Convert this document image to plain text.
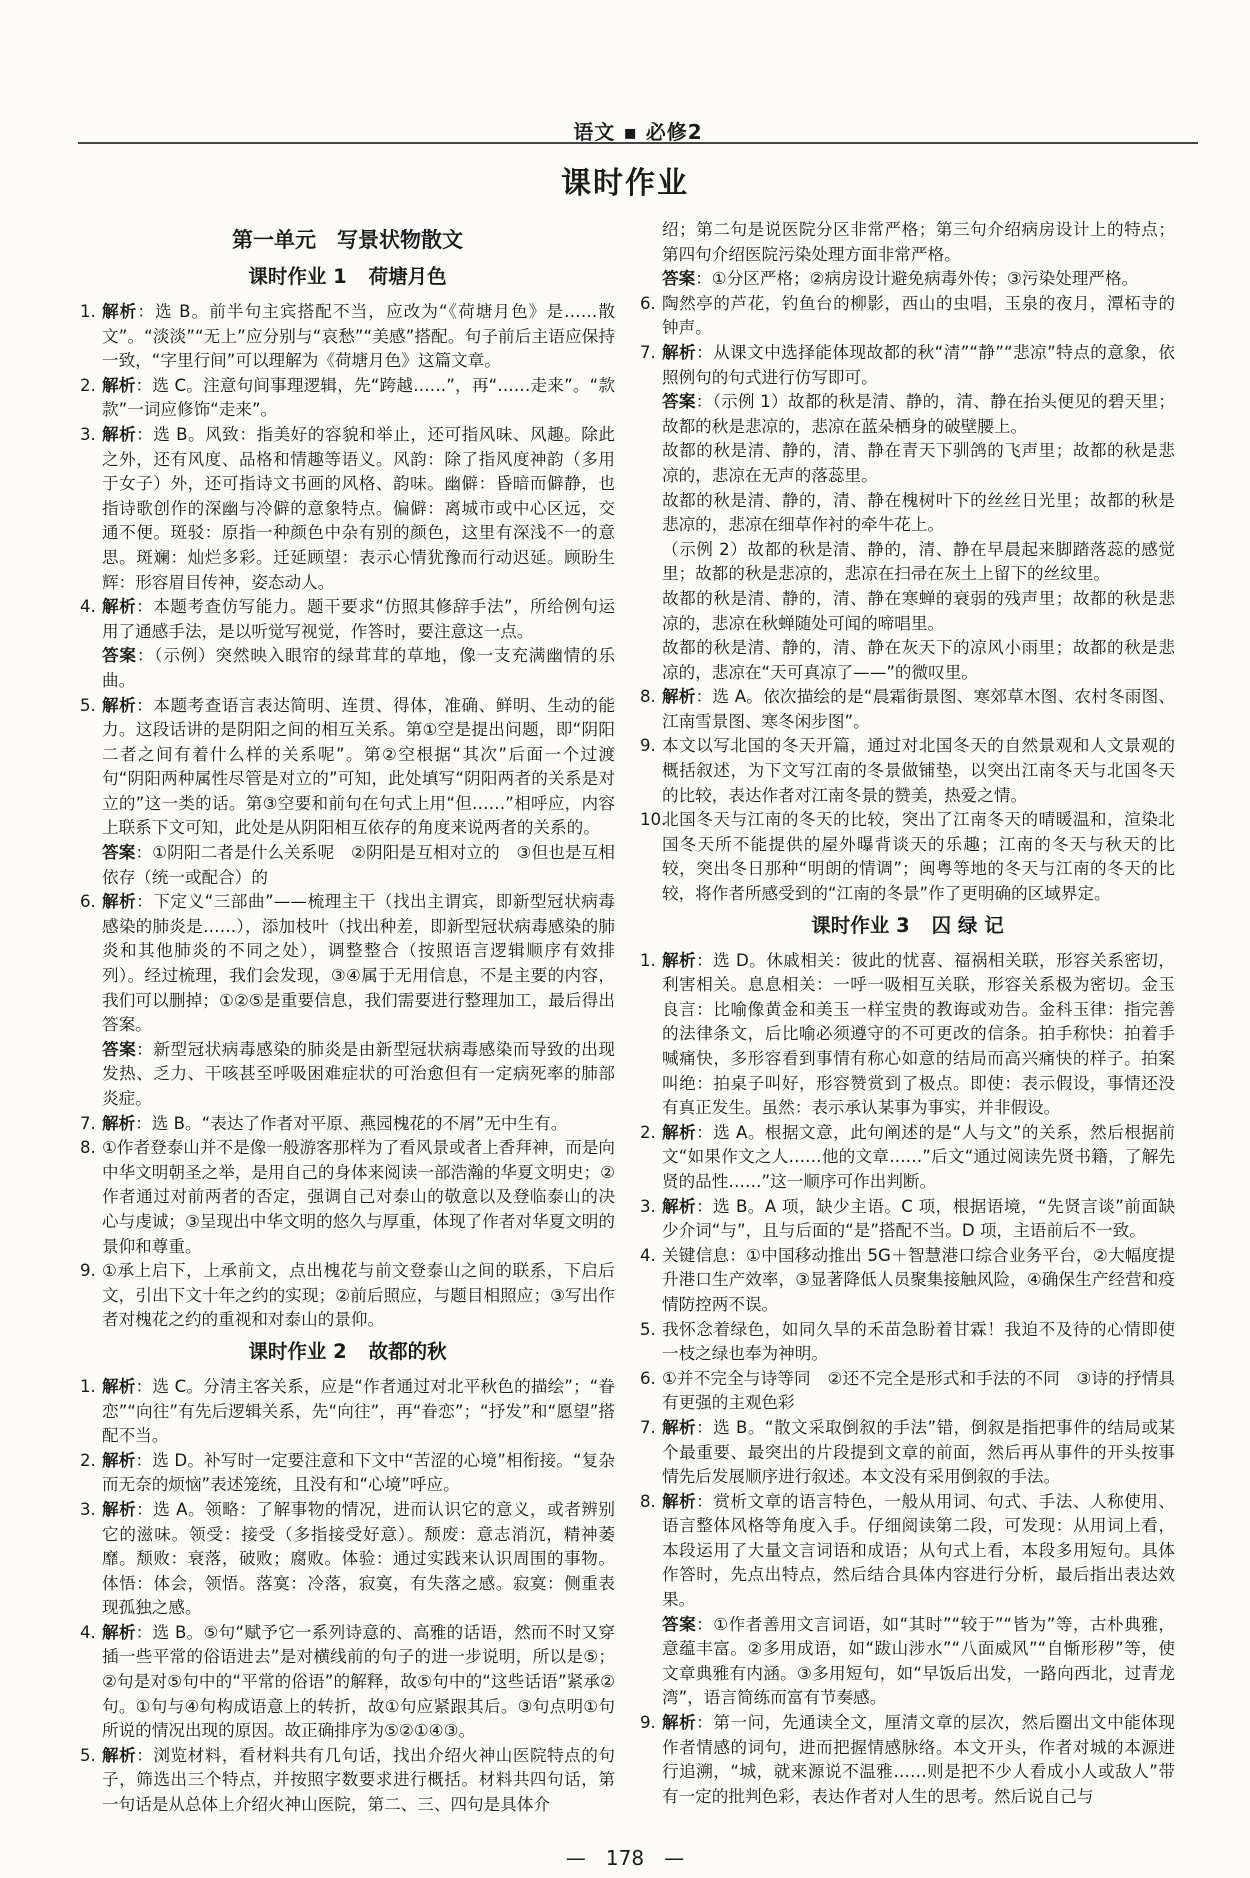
语文 ▪ 必修2
课时作业
第一单元　写景状物散文
课时作业 1 荷塘月色

1. 解析：选 B。前半句主宾搭配不当，应改为“《荷塘月色》是……散文”。“淡淡”“无上”应分别与“哀愁”“美感”搭配。句子前后主语应保持一致，“字里行间”可以理解为《荷塘月色》这篇文章。

2. 解析：选 C。注意句间事理逻辑，先“跨越……”，再“……走来”。“款款”一词应修饰“走来”。

3. 解析：选 B。风致：指美好的容貌和举止，还可指风味、风趣。除此之外，还有风度、品格和情趣等语义。风韵：除了指风度神韵（多用于女子）外，还可指诗文书画的风格、韵味。幽僻：昏暗而僻静，也指诗歌创作的深幽与冷僻的意象特点。偏僻：离城市或中心区远，交通不便。斑驳：原指一种颜色中杂有别的颜色，这里有深浅不一的意思。斑斓：灿烂多彩。迁延顾望：表示心情犹豫而行动迟延。顾盼生辉：形容眉目传神，姿态动人。

4. 解析：本题考查仿写能力。题干要求“仿照其修辞手法”，所给例句运用了通感手法，是以听觉写视觉，作答时，要注意这一点。

答案：（示例）突然映入眼帘的绿茸茸的草地，像一支充满幽情的乐曲。

5. 解析：本题考查语言表达简明、连贯、得体，准确、鲜明、生动的能力。这段话讲的是阴阳之间的相互关系。第①空是提出问题，即“阴阳二者之间有着什么样的关系呢”。第②空根据“其次”后面一个过渡句“阴阳两种属性尽管是对立的”可知，此处填写“阴阳两者的关系是对立的”这一类的话。第③空要和前句在句式上用“但……”相呼应，内容上联系下文可知，此处是从阴阳相互依存的角度来说两者的关系的。

答案：①阴阳二者是什么关系呢　②阴阳是互相对立的　③但也是互相依存（统一或配合）的

6. 解析：下定义“三部曲”——梳理主干（找出主谓宾，即新型冠状病毒感染的肺炎是……），添加枝叶（找出种差，即新型冠状病毒感染的肺炎和其他肺炎的不同之处），调整整合（按照语言逻辑顺序有效排列）。经过梳理，我们会发现，③④属于无用信息，不是主要的内容，我们可以删掉；①②⑤是重要信息，我们需要进行整理加工，最后得出答案。

答案：新型冠状病毒感染的肺炎是由新型冠状病毒感染而导致的出现发热、乏力、干咳甚至呼吸困难症状的可治愈但有一定病死率的肺部炎症。

7. 解析：选 B。“表达了作者对平原、燕园槐花的不屑”无中生有。

8. ①作者登泰山并不是像一般游客那样为了看风景或者上香拜神，而是向中华文明朝圣之举，是用自己的身体来阅读一部浩瀚的华夏文明史；②作者通过对前两者的否定，强调自己对泰山的敬意以及登临泰山的决心与虔诚；③呈现出中华文明的悠久与厚重，体现了作者对华夏文明的景仰和尊重。

9. ①承上启下，上承前文，点出槐花与前文登泰山之间的联系，下启后文，引出下文十年之约的实现；②前后照应，与题目相照应；③写出作者对槐花之约的重视和对泰山的景仰。

课时作业 2 故都的秋

1. 解析：选 C。分清主客关系，应是“作者通过对北平秋色的描绘”；“眷恋”“向往”有先后逻辑关系，先“向往”，再“眷恋”；“抒发”和“愿望”搭配不当。

2. 解析：选 D。补写时一定要注意和下文中“苦涩的心境”相衔接。“复杂而无奈的烦恼”表述笼统，且没有和“心境”呼应。

3. 解析：选 A。领略：了解事物的情况，进而认识它的意义，或者辨别它的滋味。领受：接受（多指接受好意）。颓废：意志消沉，精神萎靡。颓败：衰落，破败；腐败。体验：通过实践来认识周围的事物。体悟：体会，领悟。落寞：冷落，寂寞，有失落之感。寂寞：侧重表现孤独之感。

4. 解析：选 B。⑤句“赋予它一系列诗意的、高雅的话语，然而不时又穿插一些平常的俗语进去”是对横线前的句子的进一步说明，所以是⑤；②句是对⑤句中的“平常的俗语”的解释，故⑤句中的“这些话语”紧承②句。①句与④句构成语意上的转折，故①句应紧跟其后。③句点明①句所说的情况出现的原因。故正确排序为⑤②①④③。

5. 解析：浏览材料，看材料共有几句话，找出介绍火神山医院特点的句子，筛选出三个特点，并按照字数要求进行概括。材料共四句话，第一句话是从总体上介绍火神山医院，第二、三、四句是具体介

绍；第二句是说医院分区非常严格；第三句介绍病房设计上的特点；第四句介绍医院污染处理方面非常严格。

答案：①分区严格；②病房设计避免病毒外传；③污染处理严格。

6. 陶然亭的芦花，钓鱼台的柳影，西山的虫唱，玉泉的夜月，潭柘寺的钟声。

7. 解析：从课文中选择能体现故都的秋“清”“静”“悲凉”特点的意象，依照例句的句式进行仿写即可。

答案：（示例 1）故都的秋是清、静的，清、静在抬头便见的碧天里；故都的秋是悲凉的，悲凉在蓝朵栖身的破壁腰上。

故都的秋是清、静的，清、静在青天下驯鸽的飞声里；故都的秋是悲凉的，悲凉在无声的落蕊里。

故都的秋是清、静的，清、静在槐树叶下的丝丝日光里；故都的秋是悲凉的，悲凉在细草作衬的牵牛花上。

（示例 2）故都的秋是清、静的，清、静在早晨起来脚踏落蕊的感觉里；故都的秋是悲凉的，悲凉在扫帚在灰土上留下的丝纹里。

故都的秋是清、静的，清、静在寒蝉的衰弱的残声里；故都的秋是悲凉的，悲凉在秋蝉随处可闻的啼唱里。

故都的秋是清、静的，清、静在灰天下的凉风小雨里；故都的秋是悲凉的，悲凉在“天可真凉了——”的微叹里。

8. 解析：选 A。依次描绘的是“晨霜街景图、寒郊草木图、农村冬雨图、江南雪景图、寒冬闲步图”。

9. 本文以写北国的冬天开篇，通过对北国冬天的自然景观和人文景观的概括叙述，为下文写江南的冬景做铺垫，以突出江南冬天与北国冬天的比较，表达作者对江南冬景的赞美，热爱之情。

10.
北国冬天与江南的冬天的比较，突出了江南冬天的晴暖温和，渲染北国冬天所不能提供的屋外曝背谈天的乐趣；江南的冬天与秋天的比较，突出冬日那种“明朗的情调”；闽粤等地的冬天与江南的冬天的比较，将作者所感受到的“江南的冬景”作了更明确的区域界定。

课时作业 3 囚 绿 记

1. 解析：选 D。休戚相关：彼此的忧喜、福祸相关联，形容关系密切，利害相关。息息相关：一呼一吸相互关联，形容关系极为密切。金玉良言：比喻像黄金和美玉一样宝贵的教诲或劝告。金科玉律：指完善的法律条文，后比喻必须遵守的不可更改的信条。拍手称快：拍着手喊痛快，多形容看到事情有称心如意的结局而高兴痛快的样子。拍案叫绝：拍桌子叫好，形容赞赏到了极点。即使：表示假设，事情还没有真正发生。虽然：表示承认某事为事实，并非假设。

2. 解析：选 A。根据文意，此句阐述的是“人与文”的关系，然后根据前文“如果作文之人……他的文章……”后文“通过阅读先贤书籍，了解先贤的品性……”这一顺序可作出判断。

3. 解析：选 B。A 项，缺少主语。C 项，根据语境，“先贤言谈”前面缺少介词“与”，且与后面的“是”搭配不当。D 项，主语前后不一致。

4. 关键信息：①中国移动推出 5G＋智慧港口综合业务平台，②大幅度提升港口生产效率，③显著降低人员聚集接触风险，④确保生产经营和疫情防控两不误。

5. 我怀念着绿色，如同久旱的禾苗急盼着甘霖！我迫不及待的心情即使一枝之绿也奉为神明。

6. ①并不完全与诗等同　②还不完全是形式和手法的不同　③诗的抒情具有更强的主观色彩

7. 解析：选 B。“散文采取倒叙的手法”错，倒叙是指把事件的结局或某个最重要、最突出的片段提到文章的前面，然后再从事件的开头按事情先后发展顺序进行叙述。本文没有采用倒叙的手法。

8. 解析：赏析文章的语言特色，一般从用词、句式、手法、人称使用、语言整体风格等角度入手。仔细阅读第二段，可发现：从用词上看，本段运用了大量文言词语和成语；从句式上看，本段多用短句。具体作答时，先点出特点，然后结合具体内容进行分析，最后指出表达效果。

答案：①作者善用文言词语，如“其时”“较于”“皆为”等，古朴典雅，意蕴丰富。②多用成语，如“跋山涉水”“八面威风”“自惭形秽”等，使文章典雅有内涵。③多用短句，如“早饭后出发，一路向西北，过青龙湾”，语言简练而富有节奏感。

9. 解析：第一问，先通读全文，厘清文章的层次，然后圈出文中能体现作者情感的词句，进而把握情感脉络。本文开头，作者对城的本源进行追溯，“城，就来源说不温雅……则是把不少人看成小人或敌人”带有一定的批判色彩，表达作者对人生的思考。然后说自己与

— 178 —
